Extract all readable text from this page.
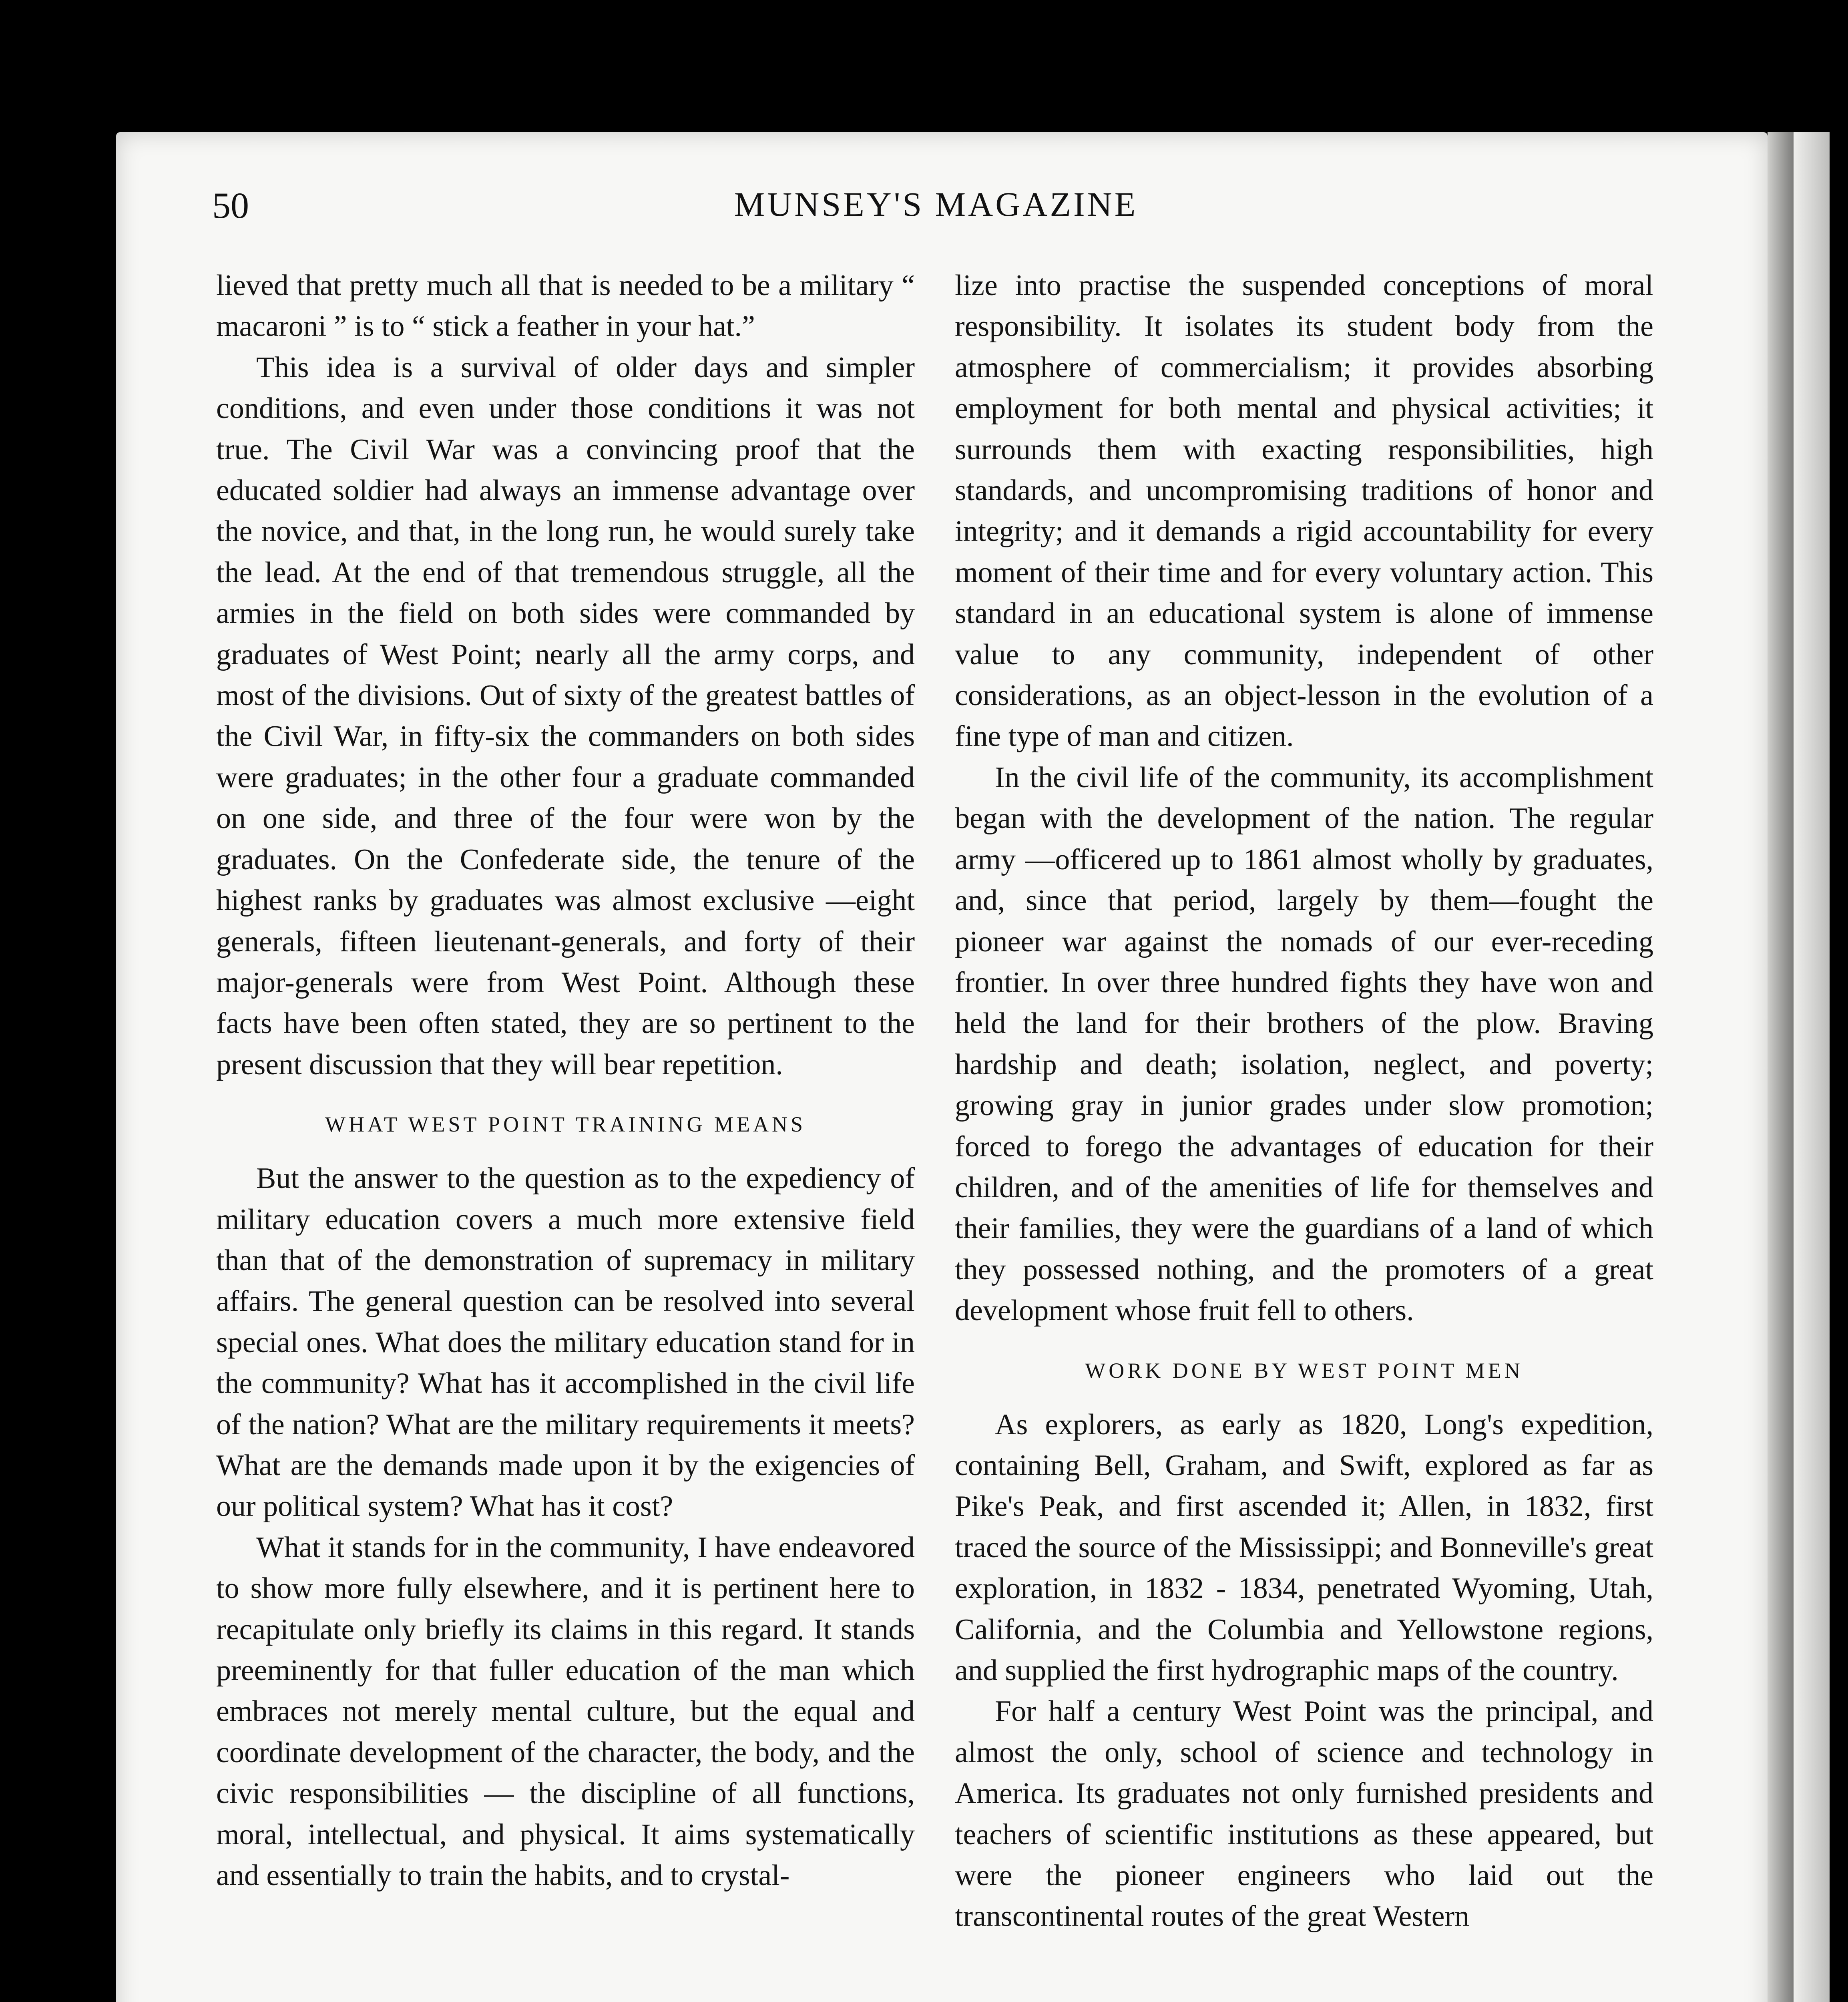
50	MUNSEY'S MAGAZINE

lieved that pretty much all that is needed to be a military “ macaroni ” is to “ stick a feather in your hat.”

This idea is a survival of older days and simpler conditions, and even under those conditions it was not true. The Civil War was a convincing proof that the educated soldier had always an immense advantage over the novice, and that, in the long run, he would surely take the lead. At the end of that tremendous struggle, all the armies in the field on both sides were commanded by graduates of West Point; nearly all the army corps, and most of the divisions. Out of sixty of the greatest battles of the Civil War, in fifty-six the commanders on both sides were graduates; in the other four a graduate commanded on one side, and three of the four were won by the graduates. On the Confederate side, the tenure of the highest ranks by graduates was almost exclusive —eight generals, fifteen lieutenant-generals, and forty of their major-generals were from West Point. Although these facts have been often stated, they are so pertinent to the present discussion that they will bear repetition.

WHAT WEST POINT TRAINING MEANS

But the answer to the question as to the expediency of military education covers a much more extensive field than that of the demonstration of supremacy in military affairs. The general question can be resolved into several special ones. What does the military education stand for in the community? What has it accomplished in the civil life of the nation? What are the military requirements it meets? What are the demands made upon it by the exigencies of our political system? What has it cost?

What it stands for in the community, I have endeavored to show more fully elsewhere, and it is pertinent here to recapitulate only briefly its claims in this regard. It stands preeminently for that fuller education of the man which embraces not merely mental culture, but the equal and coordinate development of the character, the body, and the civic responsibilities — the discipline of all functions, moral, intellectual, and physical. It aims systematically and essentially to train the habits, and to crystal-

lize into practise the suspended conceptions of moral responsibility. It isolates its student body from the atmosphere of commercialism; it provides absorbing employment for both mental and physical activities; it surrounds them with exacting responsibilities, high standards, and uncompromising traditions of honor and integrity; and it demands a rigid accountability for every moment of their time and for every voluntary action. This standard in an educational system is alone of immense value to any community, independent of other considerations, as an object-lesson in the evolution of a fine type of man and citizen.

In the civil life of the community, its accomplishment began with the development of the nation. The regular army —officered up to 1861 almost wholly by graduates, and, since that period, largely by them—fought the pioneer war against the nomads of our ever-receding frontier. In over three hundred fights they have won and held the land for their brothers of the plow. Braving hardship and death; isolation, neglect, and poverty; growing gray in junior grades under slow promotion; forced to forego the advantages of education for their children, and of the amenities of life for themselves and their families, they were the guardians of a land of which they possessed nothing, and the promoters of a great development whose fruit fell to others.

WORK DONE BY WEST POINT MEN

As explorers, as early as 1820, Long's expedition, containing Bell, Graham, and Swift, explored as far as Pike's Peak, and first ascended it; Allen, in 1832, first traced the source of the Mississippi; and Bonneville's great exploration, in 1832 - 1834, penetrated Wyoming, Utah, California, and the Columbia and Yellowstone regions, and supplied the first hydrographic maps of the country.

For half a century West Point was the principal, and almost the only, school of science and technology in America. Its graduates not only furnished presidents and teachers of scientific institutions as these appeared, but were the pioneer engineers who laid out the transcontinental routes of the great Western
